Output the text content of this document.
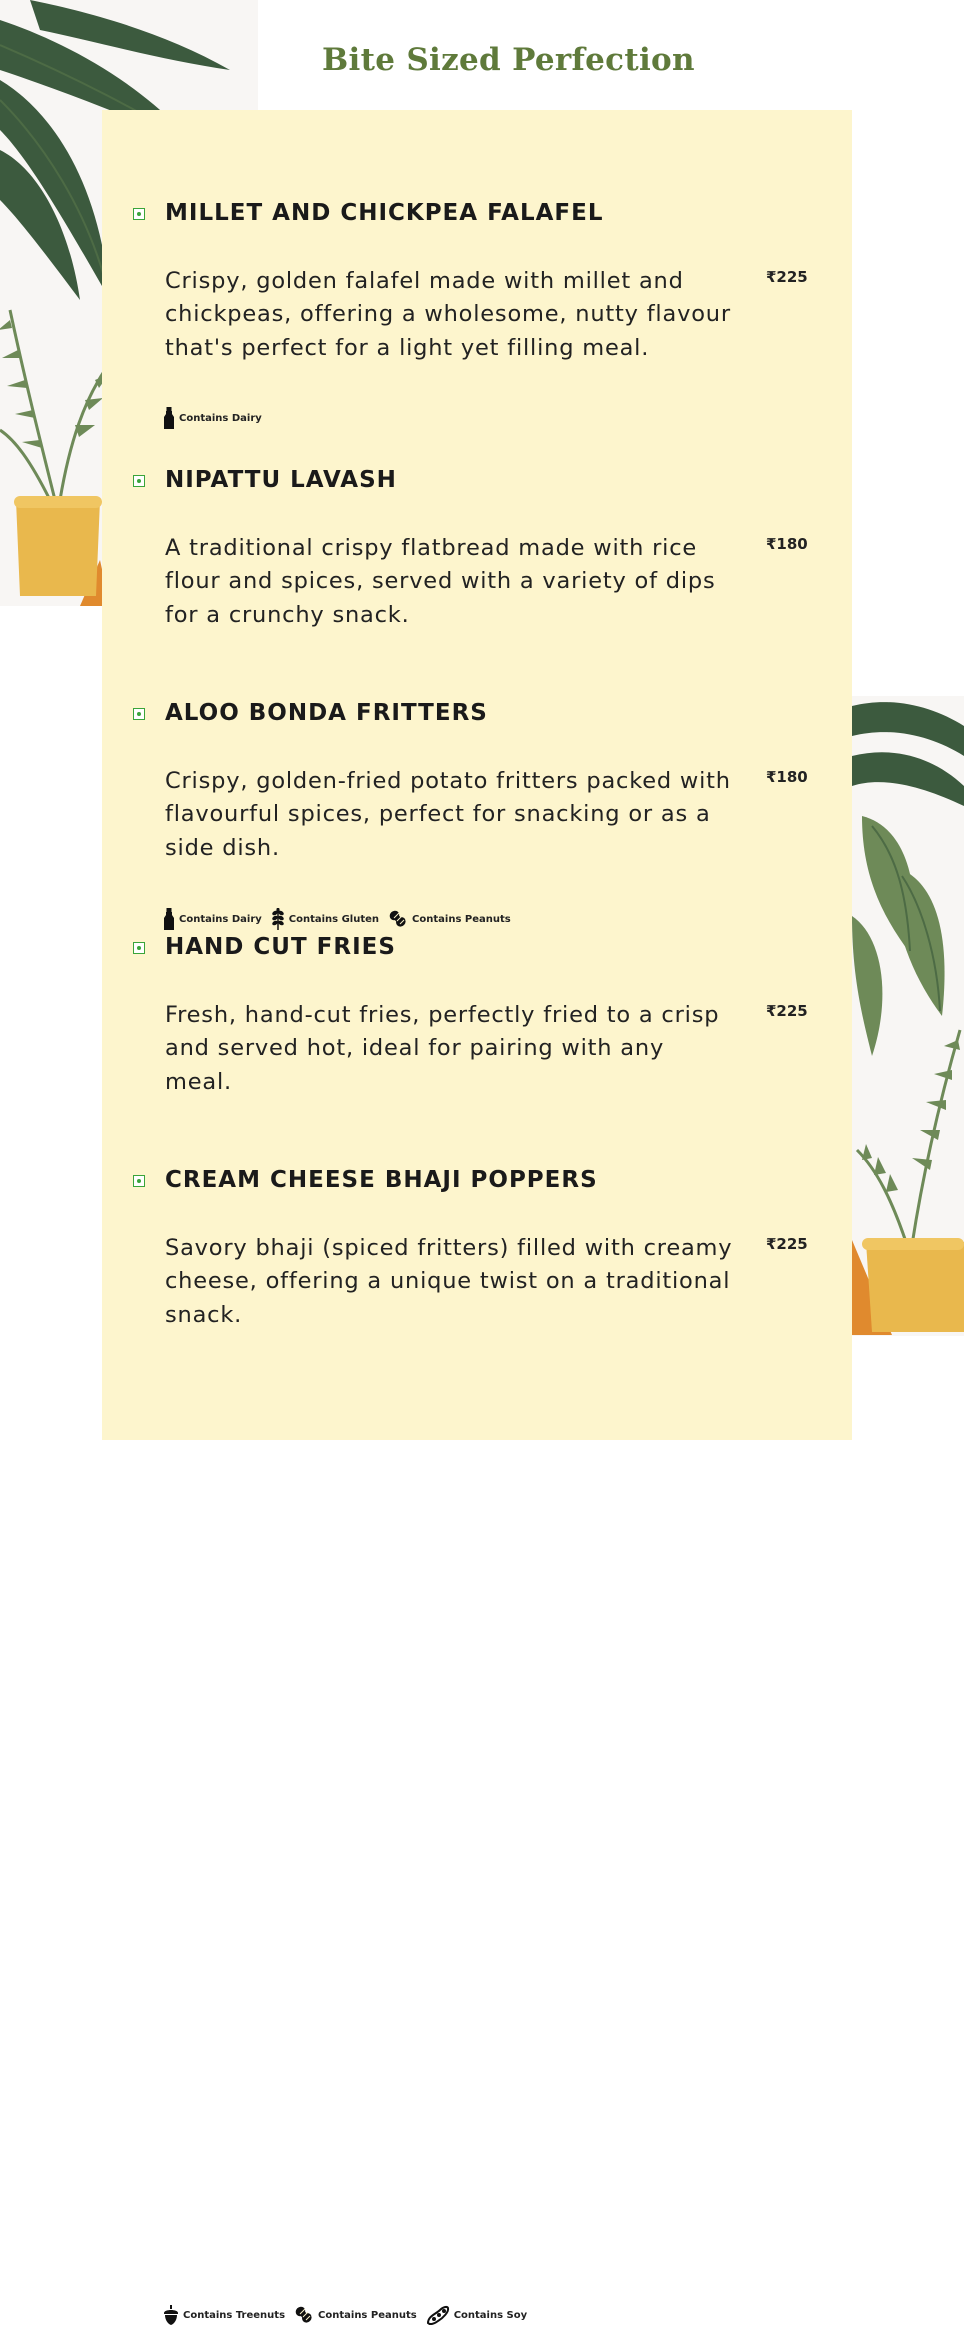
Bite Sized Perfection
MILLET AND CHICKPEA FALAFEL

Crispy, golden falafel made with millet and chickpeas, offering a wholesome, nutty flavour that's perfect for a light yet filling meal.

₹225
Contains Dairy
NIPATTU LAVASH

A traditional crispy flatbread made with rice flour and spices, served with a variety of dips for a crunchy snack.

₹180
Contains Dairy	Contains Gluten	Contains Peanuts
ALOO BONDA FRITTERS

Crispy, golden-fried potato fritters packed with flavourful spices, perfect for snacking or as a side dish.

₹180
HAND CUT FRIES

Fresh, hand-cut fries, perfectly fried to a crisp and served hot, ideal for pairing with any meal.

₹225
CREAM CHEESE BHAJI POPPERS

Savory bhaji (spiced fritters) filled with creamy cheese, offering a unique twist on a traditional snack.

₹225
Contains Treenuts	Contains Peanuts	Contains Soy
